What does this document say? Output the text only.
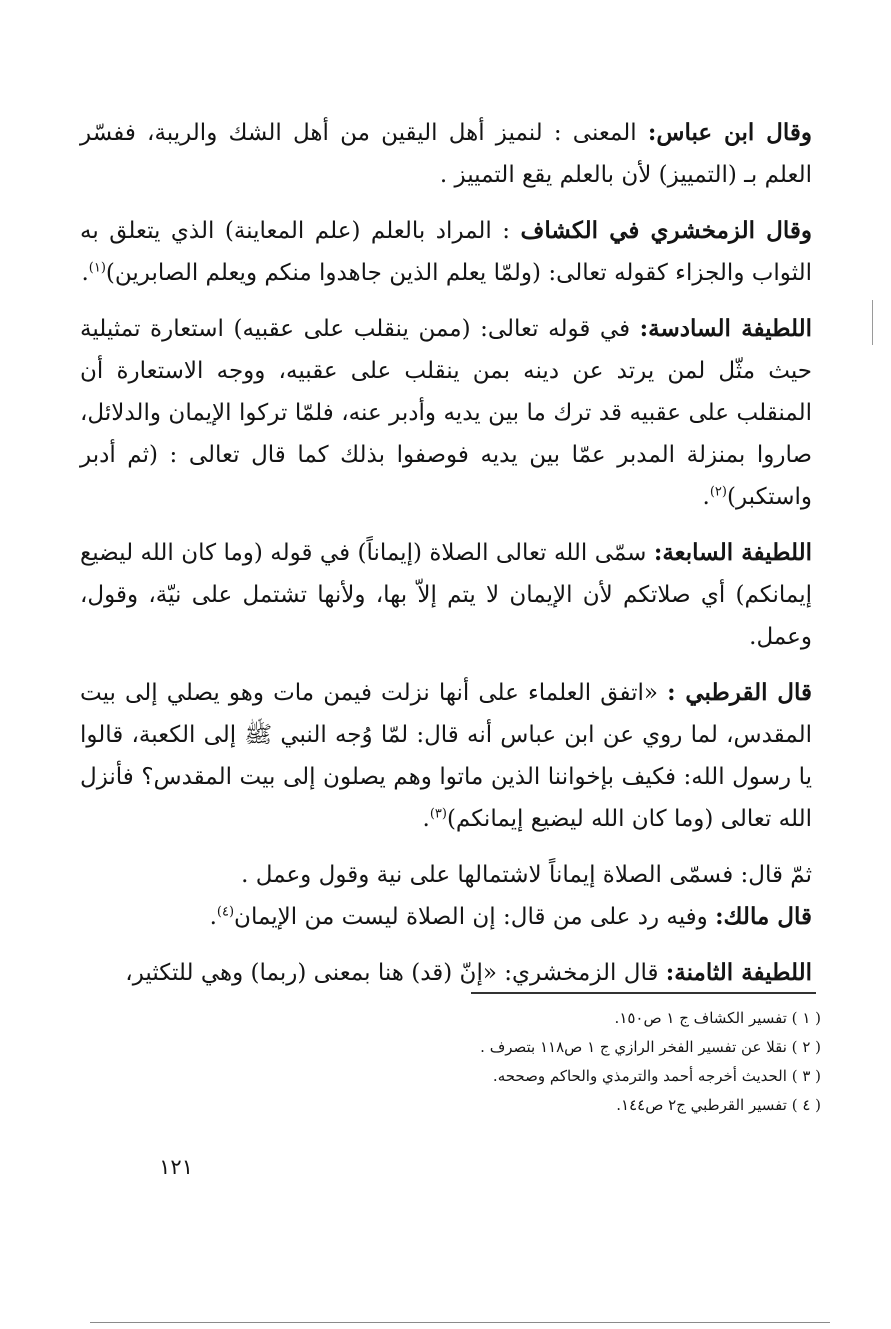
وقال ابن عباس: المعنى : لنميز أهل اليقين من أهل الشك والريبة، ففسّر العلم بـ (التمييز) لأن بالعلم يقع التمييز .

وقال الزمخشري في الكشاف : المراد بالعلم (علم المعاينة) الذي يتعلق به الثواب والجزاء كقوله تعالى: (ولمّا يعلم الذين جاهدوا منكم ويعلم الصابرين)$^{(١)}$.

اللطيفة السادسة: في قوله تعالى: (ممن ينقلب على عقبيه) استعارة تمثيلية حيث مثّل لمن يرتد عن دينه بمن ينقلب على عقبيه، ووجه الاستعارة أن المنقلب على عقبيه قد ترك ما بين يديه وأدبر عنه، فلمّا تركوا الإيمان والدلائل، صاروا بمنزلة المدبر عمّا بين يديه فوصفوا بذلك كما قال تعالى : (ثم أدبر واستكبر)$^{(٢)}$.

اللطيفة السابعة: سمّى الله تعالى الصلاة (إيماناً) في قوله (وما كان الله ليضيع إيمانكم) أي صلاتكم لأن الإيمان لا يتم إلاّ بها، ولأنها تشتمل على نيّة، وقول، وعمل.

قال القرطبي : «اتفق العلماء على أنها نزلت فيمن مات وهو يصلي إلى بيت المقدس، لما روي عن ابن عباس أنه قال: لمّا وُجه النبي ﷺ إلى الكعبة، قالوا يا رسول الله: فكيف بإخواننا الذين ماتوا وهم يصلون إلى بيت المقدس؟ فأنزل الله تعالى (وما كان الله ليضيع إيمانكم)$^{(٣)}$.

ثمّ قال: فسمّى الصلاة إيماناً لاشتمالها على نية وقول وعمل .

قال مالك: وفيه رد على من قال: إن الصلاة ليست من الإيمان$^{(٤)}$.

اللطيفة الثامنة: قال الزمخشري: «إنّ (قد) هنا بمعنى (ربما) وهي للتكثير،

( ١ ) تفسير الكشاف ج ١ ص١٥٠.

( ٢ ) نقلا عن تفسير الفخر الرازي ج ١ ص١١٨ بتصرف .

( ٣ ) الحديث أخرجه أحمد والترمذي والحاكم وصححه.

( ٤ ) تفسير القرطبي ج٢ ص١٤٤.

١٢١
